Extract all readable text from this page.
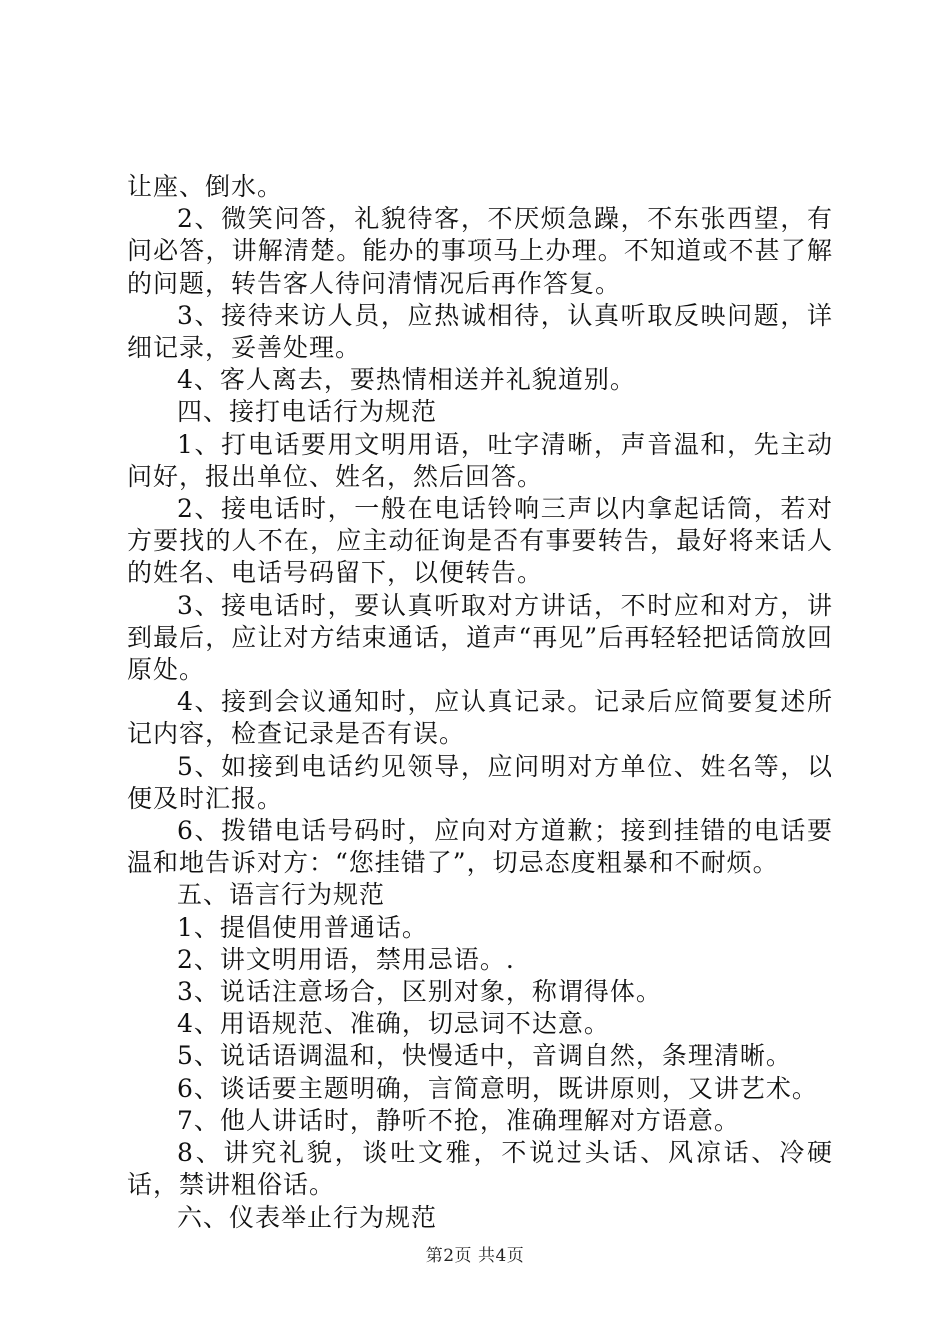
让座、倒水。

2、微笑问答，礼貌待客，不厌烦急躁，不东张西望，有问必答，讲解清楚。能办的事项马上办理。不知道或不甚了解的问题，转告客人待问清情况后再作答复。

3、接待来访人员，应热诚相待，认真听取反映问题，详细记录，妥善处理。

4、客人离去，要热情相送并礼貌道别。

四、接打电话行为规范

1、打电话要用文明用语，吐字清晰，声音温和，先主动问好，报出单位、姓名，然后回答。

2、接电话时，一般在电话铃响三声以内拿起话筒，若对方要找的人不在，应主动征询是否有事要转告，最好将来话人的姓名、电话号码留下，以便转告。

3、接电话时，要认真听取对方讲话，不时应和对方，讲到最后，应让对方结束通话，道声“再见”后再轻轻把话筒放回原处。

4、接到会议通知时，应认真记录。记录后应简要复述所记内容，检查记录是否有误。

5、如接到电话约见领导，应问明对方单位、姓名等，以便及时汇报。

6、拨错电话号码时，应向对方道歉；接到挂错的电话要温和地告诉对方：“您挂错了”，切忌态度粗暴和不耐烦。

五、语言行为规范

1、提倡使用普通话。

2、讲文明用语，禁用忌语。.

3、说话注意场合，区别对象，称谓得体。

4、用语规范、准确，切忌词不达意。

5、说话语调温和，快慢适中，音调自然，条理清晰。

6、谈话要主题明确，言简意明，既讲原则，又讲艺术。

7、他人讲话时，静听不抢，准确理解对方语意。

8、讲究礼貌，谈吐文雅，不说过头话、风凉话、冷硬话，禁讲粗俗话。

六、仪表举止行为规范

第2页 共4页
